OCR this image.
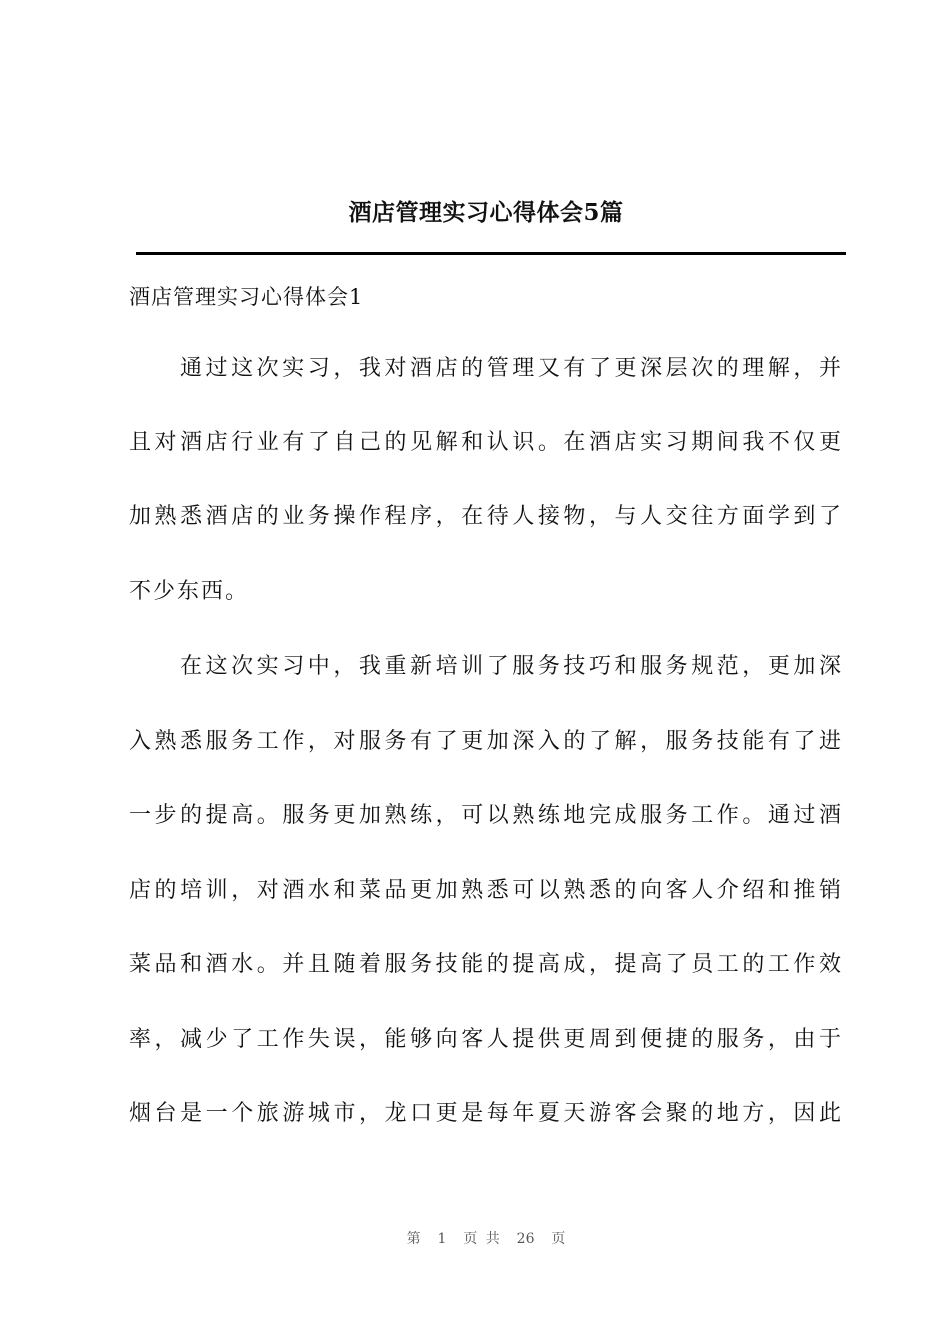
酒店管理实习心得体会5篇
酒店管理实习心得体会1
通过这次实习，我对酒店的管理又有了更深层次的理解，并
且对酒店行业有了自己的见解和认识。在酒店实习期间我不仅更
加熟悉酒店的业务操作程序，在待人接物，与人交往方面学到了
不少东西。
在这次实习中，我重新培训了服务技巧和服务规范，更加深
入熟悉服务工作，对服务有了更加深入的了解，服务技能有了进
一步的提高。服务更加熟练，可以熟练地完成服务工作。通过酒
店的培训，对酒水和菜品更加熟悉可以熟悉的向客人介绍和推销
菜品和酒水。并且随着服务技能的提高成，提高了员工的工作效
率，减少了工作失误，能够向客人提供更周到便捷的服务，由于
烟台是一个旅游城市，龙口更是每年夏天游客会聚的地方，因此
第  1  页 共  26  页
